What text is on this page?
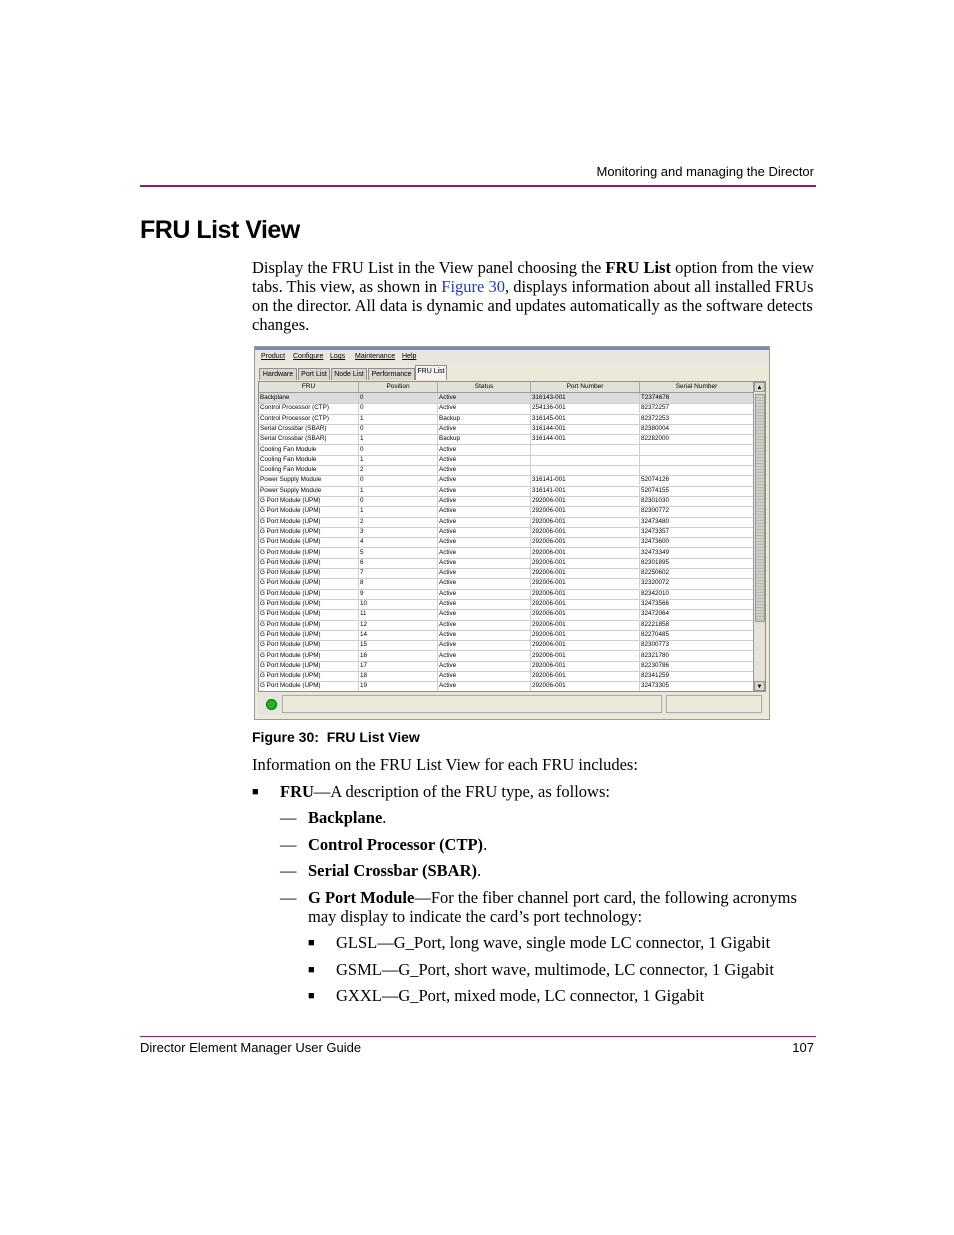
Monitoring and managing the Director
FRU List View
Display the FRU List in the View panel choosing the FRU List option from the view tabs. This view, as shown in Figure 30, displays information about all installed FRUs on the director. All data is dynamic and updates automatically as the software detects changes.
Product Configure Logs Maintenance Help
Hardware	Port List	Node List	Performance FRU List
FRU	Position	Status	Port Number	Serial Number
Backplane	0	Active	316143-001	T2374676
Control Processor (CTP)	0	Active	254136-001	82372257
Control Processor (CTP)	1	Backup	316145-001	82372253
Serial Crossbar (SBAR)	0	Active	316144-001	82380004
Serial Crossbar (SBAR)	1	Backup	316144-001	82282000
Cooling Fan Module	0	Active
Cooling Fan Module	1	Active
Cooling Fan Module	2	Active
Power Supply Module	0	Active	316141-001	52074126
Power Supply Module	1	Active	316141-001	52074155
G Port Module (UPM)	0	Active	292006-001	82301030
G Port Module (UPM)	1	Active	292006-001	82300772
G Port Module (UPM)	2	Active	292006-001	32473480
G Port Module (UPM)	3	Active	292006-001	32473357
G Port Module (UPM)	4	Active	292006-001	32473600
G Port Module (UPM)	5	Active	292006-001	32473349
G Port Module (UPM)	6	Active	292006-001	82301895
G Port Module (UPM)	7	Active	292006-001	82250602
G Port Module (UPM)	8	Active	292006-001	32320072
G Port Module (UPM)	9	Active	292006-001	82342010
G Port Module (UPM)	10	Active	292006-001	32473566
G Port Module (UPM)	11	Active	292006-001	32472064
G Port Module (UPM)	12	Active	292006-001	82221858
G Port Module (UPM)	14	Active	292006-001	82270485
G Port Module (UPM)	15	Active	292006-001	82300773
G Port Module (UPM)	16	Active	292006-001	82321780
G Port Module (UPM)	17	Active	292006-001	82230786
G Port Module (UPM)	18	Active	292006-001	82341259
G Port Module (UPM)	19	Active	292006-001	32473305
▲
▼
Figure 30: FRU List View
Information on the FRU List View for each FRU includes:
■ FRU—A description of the FRU type, as follows:
— Backplane.
— Control Processor (CTP).
— Serial Crossbar (SBAR).
— G Port Module—For the fiber channel port card, the following acronyms
may display to indicate the card’s port technology:
■ GLSL—G_Port, long wave, single mode LC connector, 1 Gigabit
■ GSML—G_Port, short wave, multimode, LC connector, 1 Gigabit
■ GXXL—G_Port, mixed mode, LC connector, 1 Gigabit
Director Element Manager User Guide	107
